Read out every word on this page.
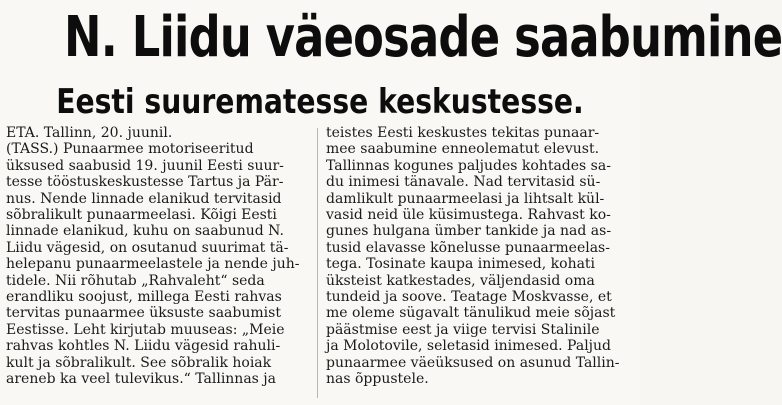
N. Liidu väeosade saabumine
Eesti suurematesse keskustesse.
ETA. Tallinn, 20. juunil.
(TASS.) Punaarmee motoriseeritud
üksused saabusid 19. juunil Eesti suur-
tesse tööstuskeskustesse Tartus ja Pär-
nus. Nende linnade elanikud tervitasid
sõbralikult punaarmeelasi. Kõigi Eesti
linnade elanikud, kuhu on saabunud N.
Liidu vägesid, on osutanud suurimat tä-
helepanu punaarmeelastele ja nende juh-
tidele. Nii rõhutab „Rahvaleht“ seda
erandliku soojust, millega Eesti rahvas
tervitas punaarmee üksuste saabumist
Eestisse. Leht kirjutab muuseas: „Meie
rahvas kohtles N. Liidu vägesid rahuli-
kult ja sõbralikult. See sõbralik hoiak
areneb ka veel tulevikus.“ Tallinnas ja
teistes Eesti keskustes tekitas punaar-
mee saabumine enneolematut elevust.
Tallinnas kogunes paljudes kohtades sa-
du inimesi tänavale. Nad tervitasid sü-
damlikult punaarmeelasi ja lihtsalt kül-
vasid neid üle küsimustega. Rahvast ko-
gunes hulgana ümber tankide ja nad as-
tusid elavasse kõnelusse punaarmeelas-
tega. Tosinate kaupa inimesed, kohati
üksteist katkestades, väljendasid oma
tundeid ja soove. Teatage Moskvasse, et
me oleme sügavalt tänulikud meie sõjast
päästmise eest ja viige tervisi Stalinile
ja Molotovile, seletasid inimesed. Paljud
punaarmee väeüksused on asunud Tallin-
nas õppustele.
